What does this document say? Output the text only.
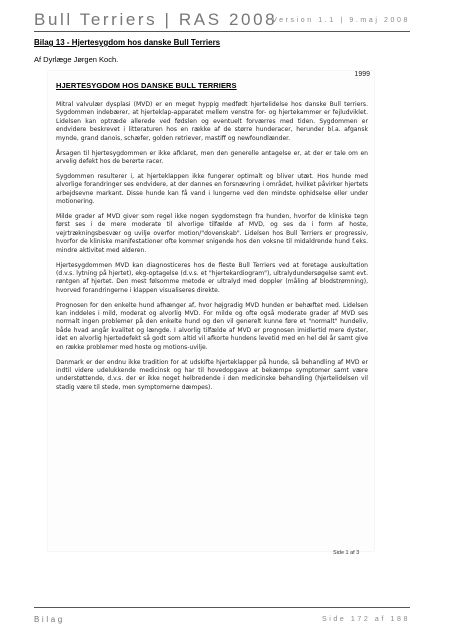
Bull Terriers | RAS 2008
Version 1.1 | 9.maj 2008
Bilag 13 - Hjertesygdom hos danske Bull Terriers
Af Dyrlæge Jørgen Koch.
1999
HJERTESYGDOM HOS DANSKE BULL TERRIERS

Mitral valvulær dysplasi (MVD) er en meget hyppig medfødt hjertelidelse hos danske Bull terriers. Sygdommen indebærer, at hjerteklap-apparatet mellem venstre for- og hjertekammer er fejludviklet. Lidelsen kan optræde allerede ved fødslen og eventuelt forværres med tiden. Sygdommen er endvidere beskrevet i litteraturen hos en række af de større hunderacer, herunder bl.a. afgansk mynde, grand danois, schæfer, golden retriever, mastiff og newfoundlænder.

Årsagen til hjertesygdommen er ikke afklaret, men den generelle antagelse er, at der er tale om en arvelig defekt hos de berørte racer.

Sygdommen resulterer i, at hjerteklappen ikke fungerer optimalt og bliver utæt. Hos hunde med alvorlige forandringer ses endvidere, at der dannes en forsnævring i området, hvilket påvirker hjertets arbejdsevne markant. Disse hunde kan få vand i lungerne ved den mindste ophidselse eller under motionering.

Milde grader af MVD giver som regel ikke nogen sygdomstegn fra hunden, hvorfor de kliniske tegn først ses i de mere moderate til alvorlige tilfælde af MVD, og ses da i form af hoste, vejrtrækningsbesvær og uvilje overfor motion/"dovenskab". Lidelsen hos Bull Terriers er progressiv, hvorfor de kliniske manifestationer ofte kommer snigende hos den voksne til midaldrende hund f.eks. mindre aktivitet med alderen.

Hjertesygdommen MVD kan diagnosticeres hos de fleste Bull Terriers ved at foretage auskultation (d.v.s. lytning på hjertet), ekg-optagelse (d.v.s. et "hjertekardiogram"), ultralydundersøgelse samt evt. røntgen af hjertet. Den mest følsomme metode er ultralyd med doppler (måling af blodstrømning), hvorved forandringerne i klappen visualiseres direkte.

Prognosen for den enkelte hund afhænger af, hvor højgradig MVD hunden er behæftet med. Lidelsen kan inddeles i mild, moderat og alvorlig MVD. For milde og ofte også moderate grader af MVD ses normalt ingen problemer på den enkelte hund og den vil generelt kunne føre et "normalt" hundeliv, både hvad angår kvalitet og længde. I alvorlig tilfælde af MVD er prognosen imidlertid mere dyster, idet en alvorlig hjertedefekt så godt som altid vil afkorte hundens levetid med en hel del år samt give en række problemer med hoste og motions-uvilje.

Danmark er der endnu ikke tradition for at udskifte hjerteklapper på hunde, så behandling af MVD er indtil videre udelukkende medicinsk og har til hovedopgave at bekæmpe symptomer samt være understøttende, d.v.s. der er ikke noget helbredende i den medicinske behandling (hjertelidelsen vil stadig være til stede, men symptomerne dæmpes).

Side 1 af 3
Bilag	Side 172 af 188
